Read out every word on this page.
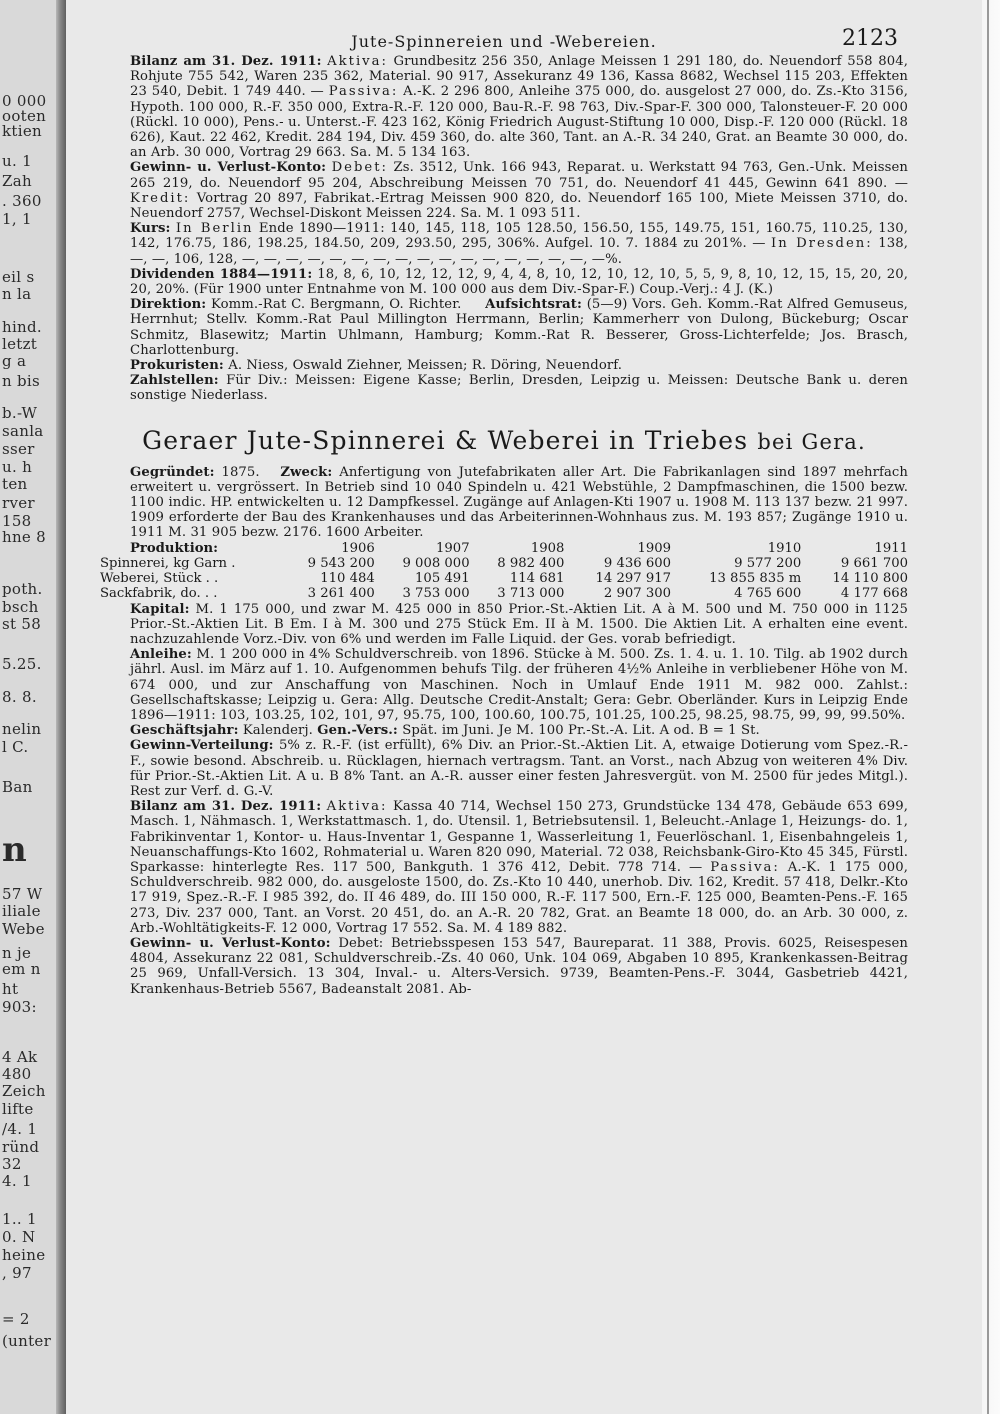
0 000
ooten
ktien
u. 1
Zah
. 360
1, 1
eil s
n la
hind.
letzt
g a
n bis
b.-W
sanla
sser
u. h
ten
rver
158
hne 8
poth.
bsch
st 58
5.25.
8. 8.
nelin
l C.
Ban
n
57 W
iliale
Webe
n je
em n
ht
903:
4 Ak
480
Zeich
lifte
/4. 1
ründ
32
4. 1
1.. 1
0. N
heine
, 97
= 2
(unter
Jute-Spinnereien und -Webereien.	2123

Bilanz am 31. Dez. 1911: Aktiva: Grundbesitz 256 350, Anlage Meissen 1 291 180, do. Neuendorf 558 804, Rohjute 755 542, Waren 235 362, Material. 90 917, Assekuranz 49 136, Kassa 8682, Wechsel 115 203, Effekten 23 540, Debit. 1 749 440. — Passiva: A.-K. 2 296 800, Anleihe 375 000, do. ausgelost 27 000, do. Zs.-Kto 3156, Hypoth. 100 000, R.-F. 350 000, Extra-R.-F. 120 000, Bau-R.-F. 98 763, Div.-Spar-F. 300 000, Talonsteuer-F. 20 000 (Rückl. 10 000), Pens.- u. Unterst.-F. 423 162, König Friedrich August-Stiftung 10 000, Disp.-F. 120 000 (Rückl. 18 626), Kaut. 22 462, Kredit. 284 194, Div. 459 360, do. alte 360, Tant. an A.-R. 34 240, Grat. an Beamte 30 000, do. an Arb. 30 000, Vortrag 29 663. Sa. M. 5 134 163.

Gewinn- u. Verlust-Konto: Debet: Zs. 3512, Unk. 166 943, Reparat. u. Werkstatt 94 763, Gen.-Unk. Meissen 265 219, do. Neuendorf 95 204, Abschreibung Meissen 70 751, do. Neuendorf 41 445, Gewinn 641 890. — Kredit: Vortrag 20 897, Fabrikat.-Ertrag Meissen 900 820, do. Neuendorf 165 100, Miete Meissen 3710, do. Neuendorf 2757, Wechsel-Diskont Meissen 224. Sa. M. 1 093 511.

Kurs: In Berlin Ende 1890—1911: 140, 145, 118, 105 128.50, 156.50, 155, 149.75, 151, 160.75, 110.25, 130, 142, 176.75, 186, 198.25, 184.50, 209, 293.50, 295, 306%. Aufgel. 10. 7. 1884 zu 201%. — In Dresden: 138, —, —, 106, 128, —, —, —, —, —, —, —, —, —, —, —, —, —, —, —, —, —%.

Dividenden 1884—1911: 18, 8, 6, 10, 12, 12, 12, 9, 4, 4, 8, 10, 12, 10, 12, 10, 5, 5, 9, 8, 10, 12, 15, 15, 20, 20, 20, 20%. (Für 1900 unter Entnahme von M. 100 000 aus dem Div.-Spar-F.) Coup.-Verj.: 4 J. (K.)

Direktion: Komm.-Rat C. Bergmann, O. Richter. Aufsichtsrat: (5—9) Vors. Geh. Komm.-Rat Alfred Gemuseus, Herrnhut; Stellv. Komm.-Rat Paul Millington Herrmann, Berlin; Kammerherr von Dulong, Bückeburg; Oscar Schmitz, Blasewitz; Martin Uhlmann, Hamburg; Komm.-Rat R. Besserer, Gross-Lichterfelde; Jos. Brasch, Charlottenburg.

Prokuristen: A. Niess, Oswald Ziehner, Meissen; R. Döring, Neuendorf.

Zahlstellen: Für Div.: Meissen: Eigene Kasse; Berlin, Dresden, Leipzig u. Meissen: Deutsche Bank u. deren sonstige Niederlass.

Geraer Jute-Spinnerei & Weberei in Triebes bei Gera.

Gegründet: 1875. Zweck: Anfertigung von Jutefabrikaten aller Art. Die Fabrikanlagen sind 1897 mehrfach erweitert u. vergrössert. In Betrieb sind 10 040 Spindeln u. 421 Webstühle, 2 Dampfmaschinen, die 1500 bezw. 1100 indic. HP. entwickelten u. 12 Dampfkessel. Zugänge auf Anlagen-Kti 1907 u. 1908 M. 113 137 bezw. 21 997. 1909 erforderte der Bau des Krankenhauses und das Arbeiterinnen-Wohnhaus zus. M. 193 857; Zugänge 1910 u. 1911 M. 31 905 bezw. 2176. 1600 Arbeiter.

Produktion:	1906	1907	1908	1909	1910	1911
Spinnerei, kg Garn .	9 543 200	9 008 000	8 982 400	9 436 600	9 577 200	9 661 700
Weberei, Stück . .	110 484	105 491	114 681	14 297 917	13 855 835 m	14 110 800
Sackfabrik, do. . .	3 261 400	3 753 000	3 713 000	2 907 300	4 765 600	4 177 668

Kapital: M. 1 175 000, und zwar M. 425 000 in 850 Prior.-St.-Aktien Lit. A à M. 500 und M. 750 000 in 1125 Prior.-St.-Aktien Lit. B Em. I à M. 300 und 275 Stück Em. II à M. 1500. Die Aktien Lit. A erhalten eine event. nachzuzahlende Vorz.-Div. von 6% und werden im Falle Liquid. der Ges. vorab befriedigt.

Anleihe: M. 1 200 000 in 4% Schuldverschreib. von 1896. Stücke à M. 500. Zs. 1. 4. u. 1. 10. Tilg. ab 1902 durch jährl. Ausl. im März auf 1. 10. Aufgenommen behufs Tilg. der früheren 4½% Anleihe in verbliebener Höhe von M. 674 000, und zur Anschaffung von Maschinen. Noch in Umlauf Ende 1911 M. 982 000. Zahlst.: Gesellschaftskasse; Leipzig u. Gera: Allg. Deutsche Credit-Anstalt; Gera: Gebr. Oberländer. Kurs in Leipzig Ende 1896—1911: 103, 103.25, 102, 101, 97, 95.75, 100, 100.60, 100.75, 101.25, 100.25, 98.25, 98.75, 99, 99, 99.50%.

Geschäftsjahr: Kalenderj. Gen.-Vers.: Spät. im Juni. Je M. 100 Pr.-St.-A. Lit. A od. B = 1 St.

Gewinn-Verteilung: 5% z. R.-F. (ist erfüllt), 6% Div. an Prior.-St.-Aktien Lit. A, etwaige Dotierung vom Spez.-R.-F., sowie besond. Abschreib. u. Rücklagen, hiernach vertragsm. Tant. an Vorst., nach Abzug von weiteren 4% Div. für Prior.-St.-Aktien Lit. A u. B 8% Tant. an A.-R. ausser einer festen Jahresvergüt. von M. 2500 für jedes Mitgl.). Rest zur Verf. d. G.-V.

Bilanz am 31. Dez. 1911: Aktiva: Kassa 40 714, Wechsel 150 273, Grundstücke 134 478, Gebäude 653 699, Masch. 1, Nähmasch. 1, Werkstattmasch. 1, do. Utensil. 1, Betriebsutensil. 1, Beleucht.-Anlage 1, Heizungs- do. 1, Fabrikinventar 1, Kontor- u. Haus-Inventar 1, Gespanne 1, Wasserleitung 1, Feuerlöschanl. 1, Eisenbahngeleis 1, Neuanschaffungs-Kto 1602, Rohmaterial u. Waren 820 090, Material. 72 038, Reichsbank-Giro-Kto 45 345, Fürstl. Sparkasse: hinterlegte Res. 117 500, Bankguth. 1 376 412, Debit. 778 714. — Passiva: A.-K. 1 175 000, Schuldverschreib. 982 000, do. ausgeloste 1500, do. Zs.-Kto 10 440, unerhob. Div. 162, Kredit. 57 418, Delkr.-Kto 17 919, Spez.-R.-F. I 985 392, do. II 46 489, do. III 150 000, R.-F. 117 500, Ern.-F. 125 000, Beamten-Pens.-F. 165 273, Div. 237 000, Tant. an Vorst. 20 451, do. an A.-R. 20 782, Grat. an Beamte 18 000, do. an Arb. 30 000, z. Arb.-Wohltätigkeits-F. 12 000, Vortrag 17 552. Sa. M. 4 189 882.

Gewinn- u. Verlust-Konto: Debet: Betriebsspesen 153 547, Baureparat. 11 388, Provis. 6025, Reisespesen 4804, Assekuranz 22 081, Schuldverschreib.-Zs. 40 060, Unk. 104 069, Abgaben 10 895, Krankenkassen-Beitrag 25 969, Unfall-Versich. 13 304, Inval.- u. Alters-Versich. 9739, Beamten-Pens.-F. 3044, Gasbetrieb 4421, Krankenhaus-Betrieb 5567, Badeanstalt 2081. Ab-
